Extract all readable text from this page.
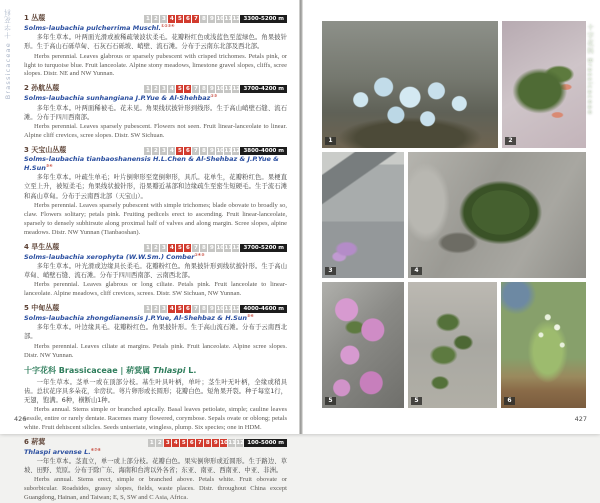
Brassicaceae 十字花科 1 丛菔	1 2 3 4 5 6 7 8 9 10 11 12 3300-5200 m
Solms-laubachia pulcherrima Muschl.①②③④

多年生草本。叶两面光滑或被稀疏皱波状柔毛。花瓣粉红色或浅蓝色至蓝绿色。角果披针形。生于高山石砾草甸、石灰石石砾坡、峭壁、流石滩。分布于云南东北部及西北部。

Herbs perennial. Leaves glabrous or sparsely pubescent with crisped trichomes. Petals pink, or light to turquoise blue. Fruit lanceolate. Alpine stony meadows, limestone gravel slopes, cliffs, scree slopes. Distr. NE and NW Yunnan.

2 孙航丛菔	1 2 3 4 5 6 7 8 9 10 11 12 3700-4200 m
Solms-laubachia sunhangiana J.P.Yue & Al-Shehbaz②③

多年生草本。叶两面稀被毛。花未见。角果线状披针形到线形。生于高山峭壁石缝、流石滩。分布于四川西南部。

Herbs perennial. Leaves sparsely pubescent. Flowers not seen. Fruit linear-lanceolate to linear. Alpine cliff crevices, scree slopes. Distr. SW Sichuan.

3 天宝山丛菔	1 2 3 4 5 6 7 8 9 10 11 12 3800-4000 m
Solms-laubachia tianbaoshanensis H.L.Chen & Al-Shehbaz & J.P.Yue & H.Sun③④

多年生草本。叶疏生单毛；叶片倒卵形至宽倒卵形，具爪。花单生，花瓣粉红色。果梗直立至上升，被短柔毛；角果线状披针形，沿果瓣近基部和边缘疏生至密生短硬毛。生于流石滩和高山草甸。分布于云南西北部（天宝山）。

Herbs perennial. Leaves sparsely pubescent with simple trichomes; blade obovate to broadly so, claw. Flowers solitary; petals pink. Fruiting pedicels erect to ascending. Fruit linear-lanceolate, sparsely to densely subhirsute along proximal half of valves and along margin. Scree slopes, alpine meadows. Distr. NW Yunnan (Tianbaoshan).

4 旱生丛菔	1 2 3 4 5 6 7 8 9 10 11 12 3700-5200 m
Solms-laubachia xerophyta (W.W.Sm.) Comber①④⑤

多年生草本。叶光滑或边缘具长柔毛。花瓣粉红色。角果披针形到线状披针形。生于高山草甸、峭壁石缝、流石滩。分布于四川西南部、云南西北部。

Herbs perennial. Leaves glabrous or long ciliate. Petals pink. Fruit lanceolate to linear-lanceolate. Alpine meadows, cliff crevices, screes. Distr. SW Sichuan, NW Yunnan.

5 中甸丛菔	1 2 3 4 5 6 7 8 9 10 11 12 4000-4600 m
Solms-laubachia zhongdianensis J.P.Yue, Al-Shehbaz & H.Sun⑤⑥

多年生草本。叶边缘具毛。花瓣粉红色。角果披针形。生于高山流石滩。分布于云南西北部。

Herbs perennial. Leaves ciliate at margins. Petals pink. Fruit lanceolate. Alpine scree slopes. Distr. NW Yunnan.

十字花科 Brassicaceae | 菥蓂属 Thlaspi L.

一年生草本。茎单一或在顶部分枝。基生叶具叶柄，单叶；茎生叶无叶柄，全缘或稍具齿。总状花序具多朵花，伞房状。萼片卵形或长圆形；花瓣白色。短角果开裂。种子每室1行，无翅，饱满。6种，横断山1种。

Herbs annual. Stems simple or branched apically. Basal leaves petiolate, simple; cauline leaves sessile, entire or rarely dentate. Racemes many flowered, corymbose. Sepals ovate or oblong; petals white. Fruit dehiscent silicles. Seeds uniseriate, wingless, plump. Six species; one in HDM.

6 菥蓂	1 2 3 4 5 6 7 8 9 10 11 12 100-5000 m
Thlaspi arvense L.⑥⑦⑧

一年生草本。茎直立，单一或上部分枝。花瓣白色。果实倒卵形或近圆形。生于路边、草坡、田野、荒原。分布于除广东、海南和台湾以外各省；东亚、南亚、西南亚、中亚、非洲。

Herbs annual. Stems erect, simple or branched above. Petals white. Fruit obovate or suborbicular. Roadsides, grassy slopes, fields, waste places. Distr. throughout China except Guangdong, Hainan, and Taiwan; E, S, SW and C Asia, Africa.

426
1	2
3	4
5	5	6
十字花科 Brassicaceae
427
